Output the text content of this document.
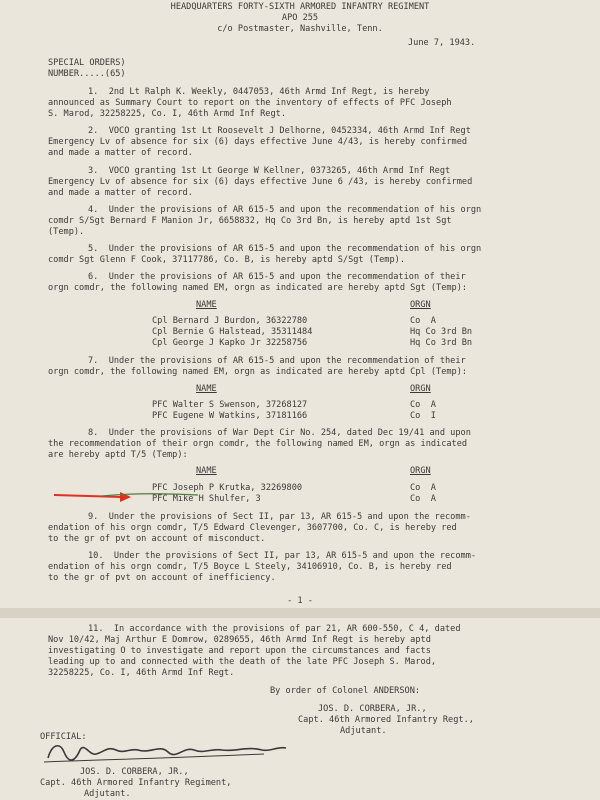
HEADQUARTERS FORTY-SIXTH ARMORED INFANTRY REGIMENT
APO 255
c/o Postmaster, Nashville, Tenn.
June 7, 1943.
SPECIAL ORDERS)
NUMBER.....(65)
1.  2nd Lt Ralph K. Weekly, 0447053, 46th Armd Inf Regt, is hereby
announced as Summary Court to report on the inventory of effects of PFC Joseph
S. Marod, 32258225, Co. I, 46th Armd Inf Regt.
2.  VOCO granting 1st Lt Roosevelt J Delhorne, 0452334, 46th Armd Inf Regt
Emergency Lv of absence for six (6) days effective June 4/43, is hereby confirmed
and made a matter of record.
3.  VOCO granting 1st Lt George W Kellner, 0373265, 46th Armd Inf Regt
Emergency Lv of absence for six (6) days effective June 6 /43, is hereby confirmed
and made a matter of record.
4.  Under the provisions of AR 615-5 and upon the recommendation of his orgn
comdr S/Sgt Bernard F Manion Jr, 6658832, Hq Co 3rd Bn, is hereby aptd 1st Sgt
(Temp).
5.  Under the provisions of AR 615-5 and upon the recommendation of his orgn
comdr Sgt Glenn F Cook, 37117786, Co. B, is hereby aptd S/Sgt (Temp).
6.  Under the provisions of AR 615-5 and upon the recommendation of their
orgn comdr, the following named EM, orgn as indicated are hereby aptd Sgt (Temp):
NAME	ORGN
Cpl Bernard J Burdon, 36322780	Co  A
Cpl Bernie G Halstead, 35311484	Hq Co 3rd Bn
Cpl George J Kapko Jr 32258756	Hq Co 3rd Bn
7.  Under the provisions of AR 615-5 and upon the recommendation of their
orgn comdr, the following named EM, orgn as indicated are hereby aptd Cpl (Temp):
NAME	ORGN
PFC Walter S Swenson, 37268127	Co  A
PFC Eugene W Watkins, 37181166	Co  I
8.  Under the provisions of War Dept Cir No. 254, dated Dec 19/41 and upon
the recommendation of their orgn comdr, the following named EM, orgn as indicated
are hereby aptd T/5 (Temp):
NAME	ORGN
PFC Joseph P Krutka, 32269800	Co  A
PFC Mike H Shulfer, 3	Co  A
9.  Under the provisions of Sect II, par 13, AR 615-5 and upon the recomm-
endation of his orgn comdr, T/5 Edward Clevenger, 3607700, Co. C, is hereby red
to the gr of pvt on account of misconduct.
10.  Under the provisions of Sect II, par 13, AR 615-5 and upon the recomm-
endation of his orgn comdr, T/5 Boyce L Steely, 34106910, Co. B, is hereby red
to the gr of pvt on account of inefficiency.
- 1 -
11.  In accordance with the provisions of par 21, AR 600-550, C 4, dated
Nov 10/42, Maj Arthur E Domrow, 0289655, 46th Armd Inf Regt is hereby aptd
investigating O to investigate and report upon the circumstances and facts
leading up to and connected with the death of the late PFC Joseph S. Marod,
32258225, Co. I, 46th Armd Inf Regt.
By order of Colonel ANDERSON:
JOS. D. CORBERA, JR.,
Capt. 46th Armored Infantry Regt.,
Adjutant.
OFFICIAL:
JOS. D. CORBERA, JR.,
Capt. 46th Armored Infantry Regiment,
Adjutant.
